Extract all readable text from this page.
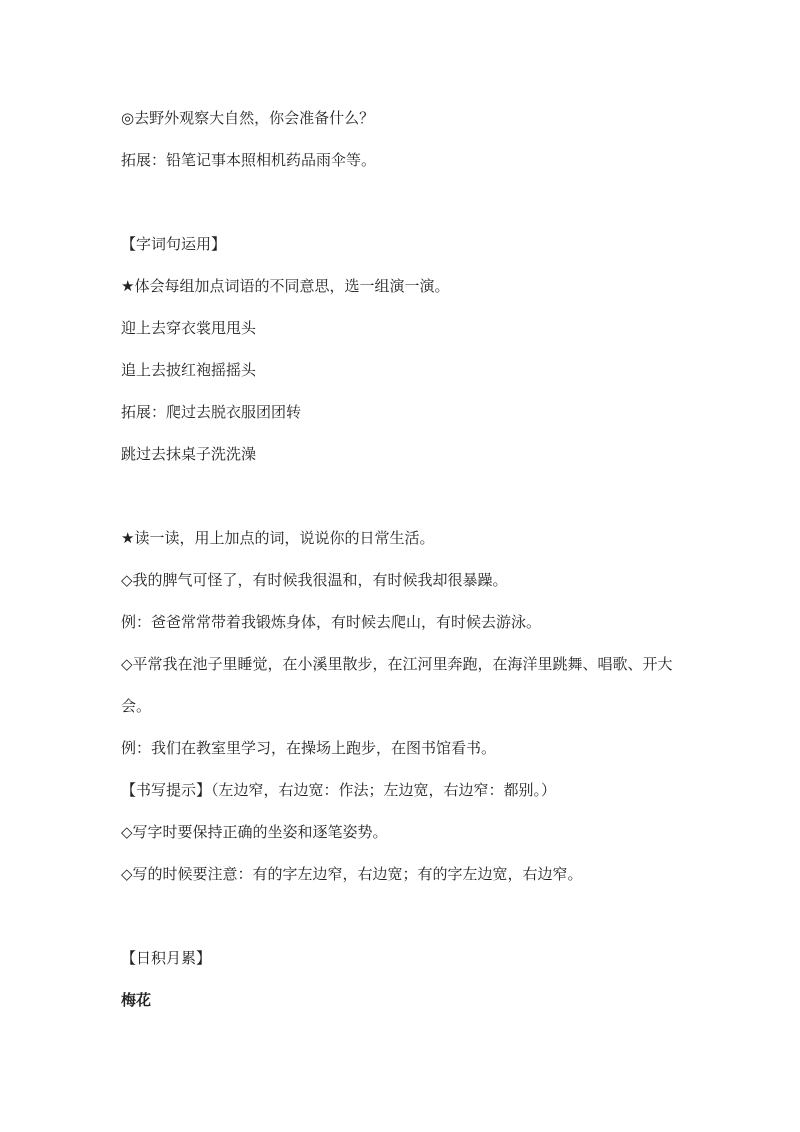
◎去野外观察大自然，你会准备什么？
拓展：铅笔记事本照相机药品雨伞等。
【字词句运用】
★体会每组加点词语的不同意思，选一组演一演。
迎上去穿衣裳甩甩头
追上去披红袍摇摇头
拓展：爬过去脱衣服团团转
跳过去抹桌子洗洗澡
★读一读，用上加点的词，说说你的日常生活。
◇我的脾气可怪了，有时候我很温和，有时候我却很暴躁。
例：爸爸常常带着我锻炼身体，有时候去爬山，有时候去游泳。
◇平常我在池子里睡觉，在小溪里散步，在江河里奔跑，在海洋里跳舞、唱歌、开大
会。
例：我们在教室里学习，在操场上跑步，在图书馆看书。
【书写提示】（左边窄，右边宽：作法；左边宽，右边窄：都别。）
◇写字时要保持正确的坐姿和逐笔姿势。
◇写的时候要注意：有的字左边窄，右边宽；有的字左边宽，右边窄。
【日积月累】
梅花
